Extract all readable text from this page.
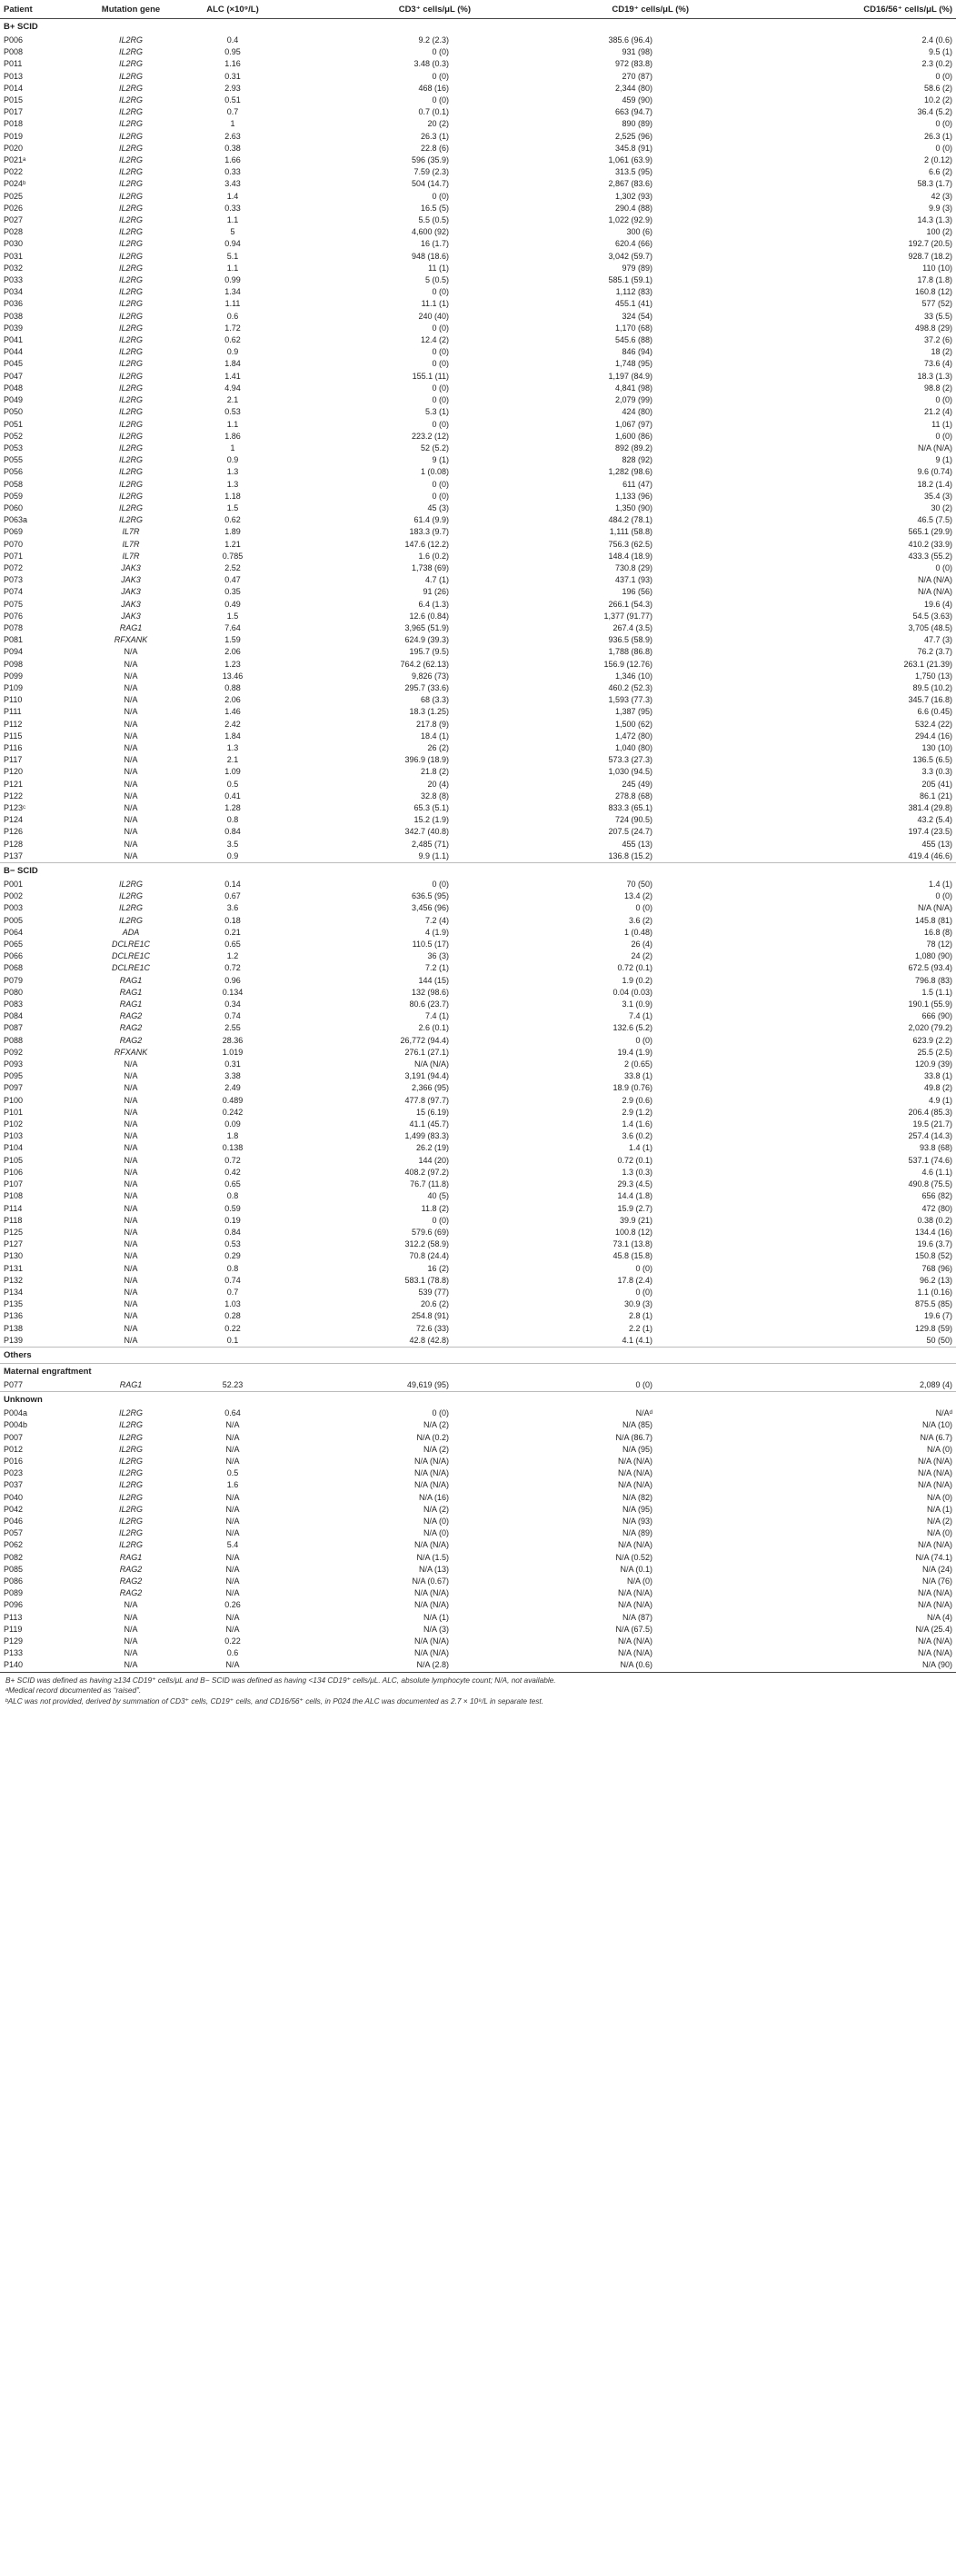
Patient	Mutation gene	ALC (×10⁹/L)	CD3⁺ cells/μL (%)	CD19⁺ cells/μL (%)	CD16/56⁺ cells/μL (%)
B+ SCID					
P006	IL2RG	0.4	9.2 (2.3)	385.6 (96.4)	2.4 (0.6)
P008	IL2RG	0.95	0 (0)	931 (98)	9.5 (1)
P011	IL2RG	1.16	3.48 (0.3)	972 (83.8)	2.3 (0.2)
P013	IL2RG	0.31	0 (0)	270 (87)	0 (0)
P014	IL2RG	2.93	468 (16)	2,344 (80)	58.6 (2)
P015	IL2RG	0.51	0 (0)	459 (90)	10.2 (2)
P017	IL2RG	0.7	0.7 (0.1)	663 (94.7)	36.4 (5.2)
P018	IL2RG	1	20 (2)	890 (89)	0 (0)
P019	IL2RG	2.63	26.3 (1)	2,525 (96)	26.3 (1)
P020	IL2RG	0.38	22.8 (6)	345.8 (91)	0 (0)
P021ᵃ	IL2RG	1.66	596 (35.9)	1,061 (63.9)	2 (0.12)
P022	IL2RG	0.33	7.59 (2.3)	313.5 (95)	6.6 (2)
P024ᵇ	IL2RG	3.43	504 (14.7)	2,867 (83.6)	58.3 (1.7)
P025	IL2RG	1.4	0 (0)	1,302 (93)	42 (3)
P026	IL2RG	0.33	16.5 (5)	290.4 (88)	9.9 (3)
P027	IL2RG	1.1	5.5 (0.5)	1,022 (92.9)	14.3 (1.3)
P028	IL2RG	5	4,600 (92)	300 (6)	100 (2)
P030	IL2RG	0.94	16 (1.7)	620.4 (66)	192.7 (20.5)
P031	IL2RG	5.1	948 (18.6)	3,042 (59.7)	928.7 (18.2)
P032	IL2RG	1.1	11 (1)	979 (89)	110 (10)
P033	IL2RG	0.99	5 (0.5)	585.1 (59.1)	17.8 (1.8)
P034	IL2RG	1.34	0 (0)	1,112 (83)	160.8 (12)
P036	IL2RG	1.11	11.1 (1)	455.1 (41)	577 (52)
P038	IL2RG	0.6	240 (40)	324 (54)	33 (5.5)
P039	IL2RG	1.72	0 (0)	1,170 (68)	498.8 (29)
P041	IL2RG	0.62	12.4 (2)	545.6 (88)	37.2 (6)
P044	IL2RG	0.9	0 (0)	846 (94)	18 (2)
P045	IL2RG	1.84	0 (0)	1,748 (95)	73.6 (4)
P047	IL2RG	1.41	155.1 (11)	1,197 (84.9)	18.3 (1.3)
P048	IL2RG	4.94	0 (0)	4,841 (98)	98.8 (2)
P049	IL2RG	2.1	0 (0)	2,079 (99)	0 (0)
P050	IL2RG	0.53	5.3 (1)	424 (80)	21.2 (4)
P051	IL2RG	1.1	0 (0)	1,067 (97)	11 (1)
P052	IL2RG	1.86	223.2 (12)	1,600 (86)	0 (0)
P053	IL2RG	1	52 (5.2)	892 (89.2)	N/A (N/A)
P055	IL2RG	0.9	9 (1)	828 (92)	9 (1)
P056	IL2RG	1.3	1 (0.08)	1,282 (98.6)	9.6 (0.74)
P058	IL2RG	1.3	0 (0)	611 (47)	18.2 (1.4)
P059	IL2RG	1.18	0 (0)	1,133 (96)	35.4 (3)
P060	IL2RG	1.5	45 (3)	1,350 (90)	30 (2)
P063a	IL2RG	0.62	61.4 (9.9)	484.2 (78.1)	46.5 (7.5)
P069	IL7R	1.89	183.3 (9.7)	1,111 (58.8)	565.1 (29.9)
P070	IL7R	1.21	147.6 (12.2)	756.3 (62.5)	410.2 (33.9)
P071	IL7R	0.785	1.6 (0.2)	148.4 (18.9)	433.3 (55.2)
P072	JAK3	2.52	1,738 (69)	730.8 (29)	0 (0)
P073	JAK3	0.47	4.7 (1)	437.1 (93)	N/A (N/A)
P074	JAK3	0.35	91 (26)	196 (56)	N/A (N/A)
P075	JAK3	0.49	6.4 (1.3)	266.1 (54.3)	19.6 (4)
P076	JAK3	1.5	12.6 (0.84)	1,377 (91.77)	54.5 (3.63)
P078	RAG1	7.64	3,965 (51.9)	267.4 (3.5)	3,705 (48.5)
P081	RFXANK	1.59	624.9 (39.3)	936.5 (58.9)	47.7 (3)
P094	N/A	2.06	195.7 (9.5)	1,788 (86.8)	76.2 (3.7)
P098	N/A	1.23	764.2 (62.13)	156.9 (12.76)	263.1 (21.39)
P099	N/A	13.46	9,826 (73)	1,346 (10)	1,750 (13)
P109	N/A	0.88	295.7 (33.6)	460.2 (52.3)	89.5 (10.2)
P110	N/A	2.06	68 (3.3)	1,593 (77.3)	345.7 (16.8)
P111	N/A	1.46	18.3 (1.25)	1,387 (95)	6.6 (0.45)
P112	N/A	2.42	217.8 (9)	1,500 (62)	532.4 (22)
P115	N/A	1.84	18.4 (1)	1,472 (80)	294.4 (16)
P116	N/A	1.3	26 (2)	1,040 (80)	130 (10)
P117	N/A	2.1	396.9 (18.9)	573.3 (27.3)	136.5 (6.5)
P120	N/A	1.09	21.8 (2)	1,030 (94.5)	3.3 (0.3)
P121	N/A	0.5	20 (4)	245 (49)	205 (41)
P122	N/A	0.41	32.8 (8)	278.8 (68)	86.1 (21)
P123ᶜ	N/A	1.28	65.3 (5.1)	833.3 (65.1)	381.4 (29.8)
P124	N/A	0.8	15.2 (1.9)	724 (90.5)	43.2 (5.4)
P126	N/A	0.84	342.7 (40.8)	207.5 (24.7)	197.4 (23.5)
P128	N/A	3.5	2,485 (71)	455 (13)	455 (13)
P137	N/A	0.9	9.9 (1.1)	136.8 (15.2)	419.4 (46.6)
B− SCID					
P001	IL2RG	0.14	0 (0)	70 (50)	1.4 (1)
P002	IL2RG	0.67	636.5 (95)	13.4 (2)	0 (0)
P003	IL2RG	3.6	3,456 (96)	0 (0)	N/A (N/A)
P005	IL2RG	0.18	7.2 (4)	3.6 (2)	145.8 (81)
P064	ADA	0.21	4 (1.9)	1 (0.48)	16.8 (8)
P065	DCLRE1C	0.65	110.5 (17)	26 (4)	78 (12)
P066	DCLRE1C	1.2	36 (3)	24 (2)	1,080 (90)
P068	DCLRE1C	0.72	7.2 (1)	0.72 (0.1)	672.5 (93.4)
P079	RAG1	0.96	144 (15)	1.9 (0.2)	796.8 (83)
P080	RAG1	0.134	132 (98.6)	0.04 (0.03)	1.5 (1.1)
P083	RAG1	0.34	80.6 (23.7)	3.1 (0.9)	190.1 (55.9)
P084	RAG2	0.74	7.4 (1)	7.4 (1)	666 (90)
P087	RAG2	2.55	2.6 (0.1)	132.6 (5.2)	2,020 (79.2)
P088	RAG2	28.36	26,772 (94.4)	0 (0)	623.9 (2.2)
P092	RFXANK	1.019	276.1 (27.1)	19.4 (1.9)	25.5 (2.5)
P093	N/A	0.31	N/A (N/A)	2 (0.65)	120.9 (39)
P095	N/A	3.38	3,191 (94.4)	33.8 (1)	33.8 (1)
P097	N/A	2.49	2,366 (95)	18.9 (0.76)	49.8 (2)
P100	N/A	0.489	477.8 (97.7)	2.9 (0.6)	4.9 (1)
P101	N/A	0.242	15 (6.19)	2.9 (1.2)	206.4 (85.3)
P102	N/A	0.09	41.1 (45.7)	1.4 (1.6)	19.5 (21.7)
P103	N/A	1.8	1,499 (83.3)	3.6 (0.2)	257.4 (14.3)
P104	N/A	0.138	26.2 (19)	1.4 (1)	93.8 (68)
P105	N/A	0.72	144 (20)	0.72 (0.1)	537.1 (74.6)
P106	N/A	0.42	408.2 (97.2)	1.3 (0.3)	4.6 (1.1)
P107	N/A	0.65	76.7 (11.8)	29.3 (4.5)	490.8 (75.5)
P108	N/A	0.8	40 (5)	14.4 (1.8)	656 (82)
P114	N/A	0.59	11.8 (2)	15.9 (2.7)	472 (80)
P118	N/A	0.19	0 (0)	39.9 (21)	0.38 (0.2)
P125	N/A	0.84	579.6 (69)	100.8 (12)	134.4 (16)
P127	N/A	0.53	312.2 (58.9)	73.1 (13.8)	19.6 (3.7)
P130	N/A	0.29	70.8 (24.4)	45.8 (15.8)	150.8 (52)
P131	N/A	0.8	16 (2)	0 (0)	768 (96)
P132	N/A	0.74	583.1 (78.8)	17.8 (2.4)	96.2 (13)
P134	N/A	0.7	539 (77)	0 (0)	1.1 (0.16)
P135	N/A	1.03	20.6 (2)	30.9 (3)	875.5 (85)
P136	N/A	0.28	254.8 (91)	2.8 (1)	19.6 (7)
P138	N/A	0.22	72.6 (33)	2.2 (1)	129.8 (59)
P139	N/A	0.1	42.8 (42.8)	4.1 (4.1)	50 (50)
Others					
Maternal engraftment					
P077	RAG1	52.23	49,619 (95)	0 (0)	2,089 (4)
Unknown					
P004a	IL2RG	0.64	0 (0)	N/Aᵈ	N/Aᵈ
P004b	IL2RG	N/A	N/A (2)	N/A (85)	N/A (10)
P007	IL2RG	N/A	N/A (0.2)	N/A (86.7)	N/A (6.7)
P012	IL2RG	N/A	N/A (2)	N/A (95)	N/A (0)
P016	IL2RG	N/A	N/A (N/A)	N/A (N/A)	N/A (N/A)
P023	IL2RG	0.5	N/A (N/A)	N/A (N/A)	N/A (N/A)
P037	IL2RG	1.6	N/A (N/A)	N/A (N/A)	N/A (N/A)
P040	IL2RG	N/A	N/A (16)	N/A (82)	N/A (0)
P042	IL2RG	N/A	N/A (2)	N/A (95)	N/A (1)
P046	IL2RG	N/A	N/A (0)	N/A (93)	N/A (2)
P057	IL2RG	N/A	N/A (0)	N/A (89)	N/A (0)
P062	IL2RG	5.4	N/A (N/A)	N/A (N/A)	N/A (N/A)
P082	RAG1	N/A	N/A (1.5)	N/A (0.52)	N/A (74.1)
P085	RAG2	N/A	N/A (13)	N/A (0.1)	N/A (24)
P086	RAG2	N/A	N/A (0.67)	N/A (0)	N/A (76)
P089	RAG2	N/A	N/A (N/A)	N/A (N/A)	N/A (N/A)
P096	N/A	0.26	N/A (N/A)	N/A (N/A)	N/A (N/A)
P113	N/A	N/A	N/A (1)	N/A (87)	N/A (4)
P119	N/A	N/A	N/A (3)	N/A (67.5)	N/A (25.4)
P129	N/A	0.22	N/A (N/A)	N/A (N/A)	N/A (N/A)
P133	N/A	0.6	N/A (N/A)	N/A (N/A)	N/A (N/A)
P140	N/A	N/A	N/A (2.8)	N/A (0.6)	N/A (90)

B+ SCID was defined as having ≥134 CD19⁺ cells/μL and B− SCID was defined as having <134 CD19⁺ cells/μL. ALC, absolute lymphocyte count; N/A, not available.

ᵃMedical record documented as “raised”.

ᵇALC was not provided, derived by summation of CD3⁺ cells, CD19⁺ cells, and CD16/56⁺ cells, in P024 the ALC was documented as 2.7 × 10⁹/L in separate test.
